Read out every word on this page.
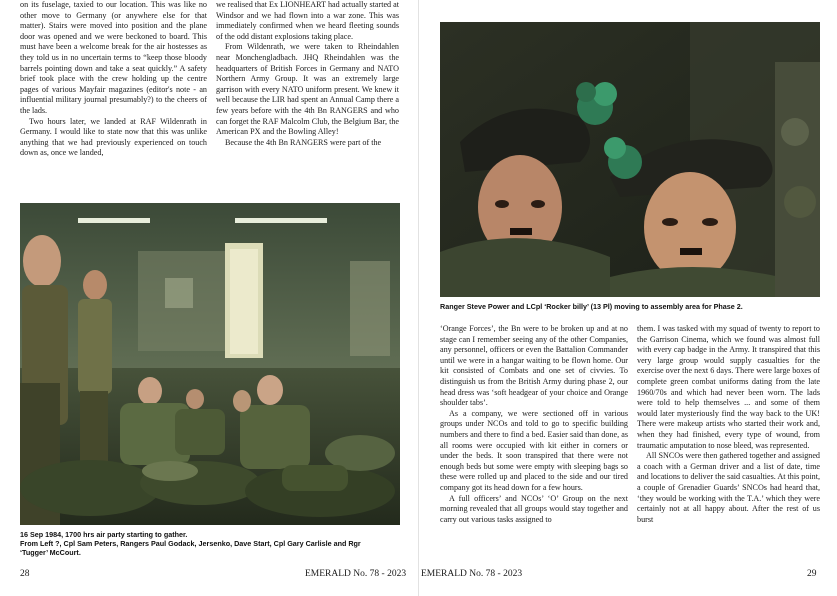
on its fuselage, taxied to our location. This was like no other move to Germany (or anywhere else for that matter). Stairs were moved into position and the plane door was opened and we were beckoned to board. This must have been a welcome break for the air hostesses as they told us in no uncertain terms to “keep those bloody barrels pointing down and take a seat quickly.” A safety brief took place with the crew holding up the centre pages of various Mayfair magazines (editor's note - an influential military journal presumably?) to the cheers of the lads.

Two hours later, we landed at RAF Wildenrath in Germany. I would like to state now that this was unlike anything that we had previously experienced on touch down as, once we landed,

we realised that Ex LIONHEART had actually started at Windsor and we had flown into a war zone. This was immediately confirmed when we heard fleeting sounds of the odd distant explosions taking place.

From Wildenrath, we were taken to Rheindahlen near Monchengladbach. JHQ Rheindahlen was the headquarters of British Forces in Germany and NATO Northern Army Group. It was an extremely large garrison with every NATO uniform present. We knew it well because the LIR had spent an Annual Camp there a few years before with the 4th Bn RANGERS and who can forget the RAF Malcolm Club, the Belgium Bar, the American PX and the Bowling Alley!

Because the 4th Bn RANGERS were part of the

16 Sep 1984, 1700 hrs air party starting to gather.
From Left ?, Cpl Sam Peters, Rangers Paul Godack, Jersenko, Dave Start, Cpl Gary Carlisle and Rgr
‘Tugger’ McCourt.
28	EMERALD No. 78 - 2023
Ranger Steve Power and LCpl ‘Rocker billy’ (13 Pl) moving to assembly area for Phase 2.

‘Orange Forces’, the Bn were to be broken up and at no stage can I remember seeing any of the other Companies, any personnel, officers or even the Battalion Commander until we were in a hangar waiting to be flown home. Our kit consisted of Combats and one set of civvies. To distinguish us from the British Army during phase 2, our head dress was ‘soft headgear of your choice and Orange shoulder tabs’.

As a company, we were sectioned off in various groups under NCOs and told to go to specific building numbers and there to find a bed. Easier said than done, as all rooms were occupied with kit either in corners or under the beds. It soon transpired that there were not enough beds but some were empty with sleeping bags so these were rolled up and placed to the side and our tired company got its head down for a few hours.

A full officers’ and NCOs’ ‘O’ Group on the next morning revealed that all groups would stay together and carry out various tasks assigned to

them. I was tasked with my squad of twenty to report to the Garrison Cinema, which we found was almost full with every cap badge in the Army. It transpired that this very large group would supply casualties for the exercise over the next 6 days. There were large boxes of complete green combat uniforms dating from the late 1960/70s and which had never been worn. The lads were told to help themselves ... and some of them would later mysteriously find the way back to the UK! There were makeup artists who started their work and, when they had finished, every type of wound, from traumatic amputation to nose bleed, was represented.

All SNCOs were then gathered together and assigned a coach with a German driver and a list of date, time and locations to deliver the said casualties. At this point, a couple of Grenadier Guards’ SNCOs had heard that, ‘they would be working with the T.A.’ which they were certainly not at all happy about. After the rest of us burst

EMERALD No. 78 - 2023	29
